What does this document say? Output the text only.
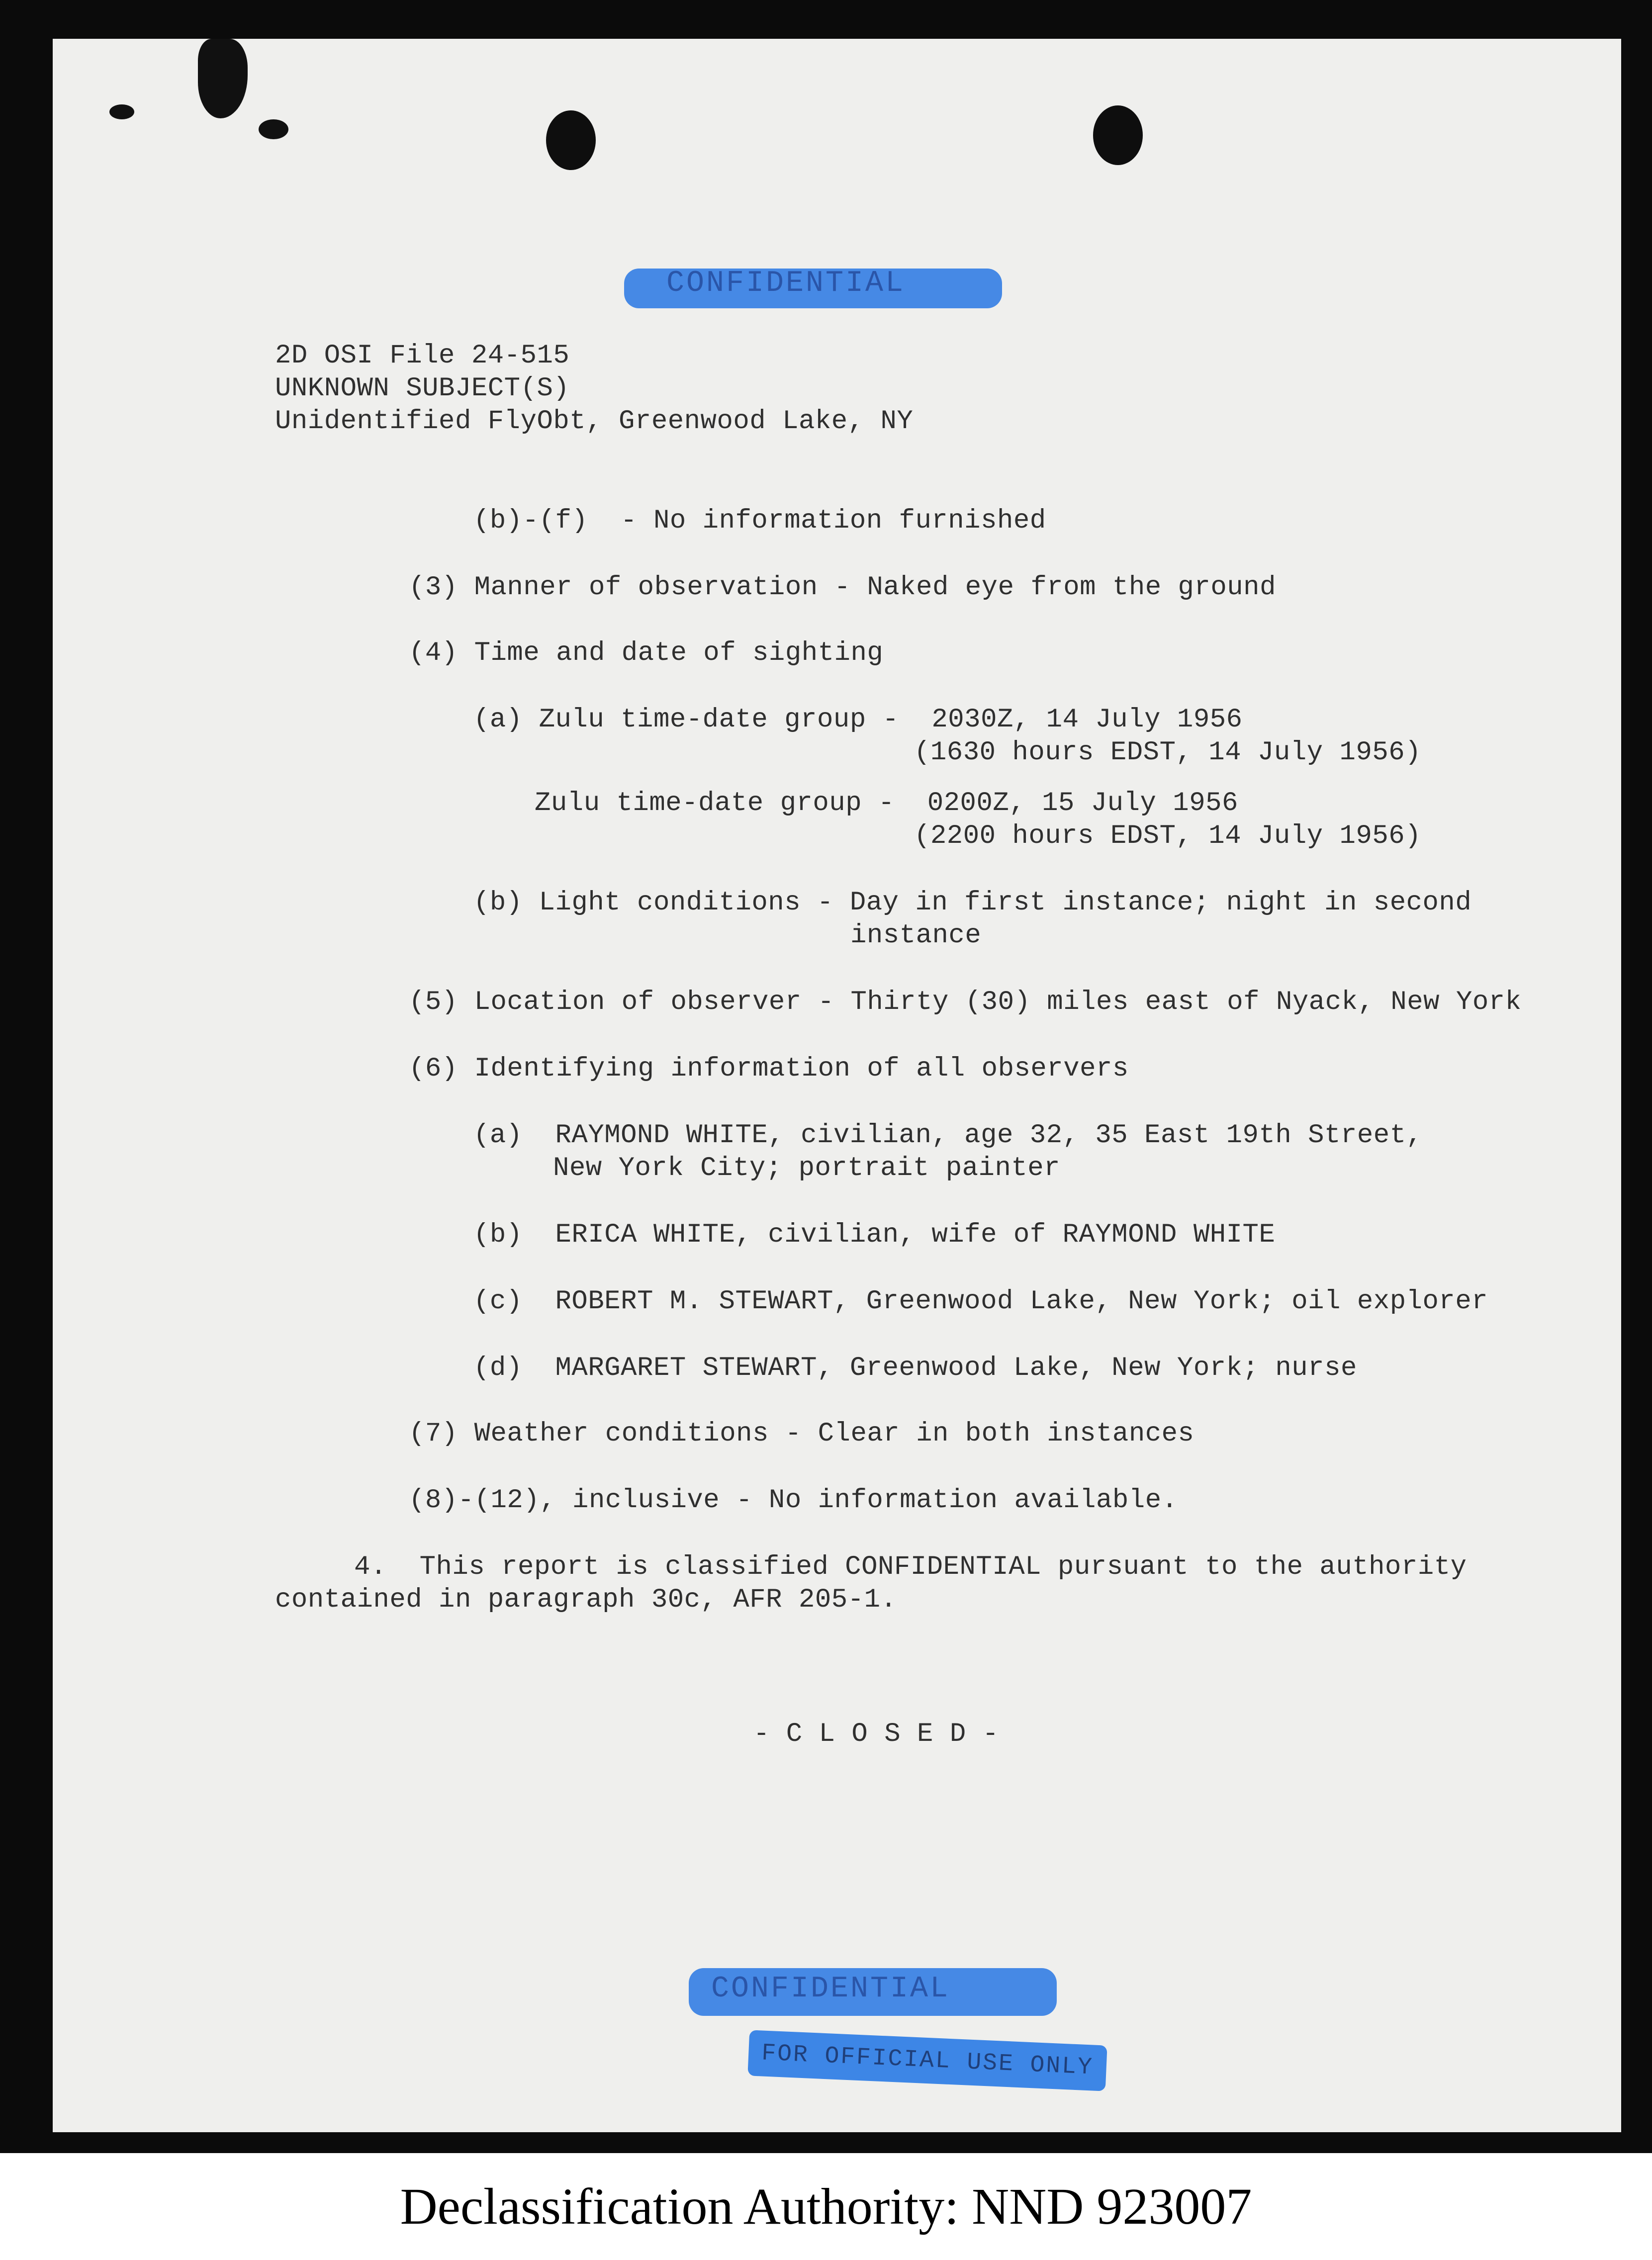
CONFIDENTIAL
2D OSI File 24-515
UNKNOWN SUBJECT(S)
Unidentified FlyObt, Greenwood Lake, NY
(b)-(f)  - No information furnished
(3) Manner of observation - Naked eye from the ground
(4) Time and date of sighting
(a) Zulu time-date group -  2030Z, 14 July 1956
(1630 hours EDST, 14 July 1956)
Zulu time-date group -  0200Z, 15 July 1956
(2200 hours EDST, 14 July 1956)
(b) Light conditions - Day in first instance; night in second
instance
(5) Location of observer - Thirty (30) miles east of Nyack, New York
(6) Identifying information of all observers
(a)  RAYMOND WHITE, civilian, age 32, 35 East 19th Street,
New York City; portrait painter
(b)  ERICA WHITE, civilian, wife of RAYMOND WHITE
(c)  ROBERT M. STEWART, Greenwood Lake, New York; oil explorer
(d)  MARGARET STEWART, Greenwood Lake, New York; nurse
(7) Weather conditions - Clear in both instances
(8)-(12), inclusive - No information available.
4.  This report is classified CONFIDENTIAL pursuant to the authority
contained in paragraph 30c, AFR 205-1.
- C L O S E D -
CONFIDENTIAL
FOR OFFICIAL USE ONLY
Declassification Authority: NND 923007
